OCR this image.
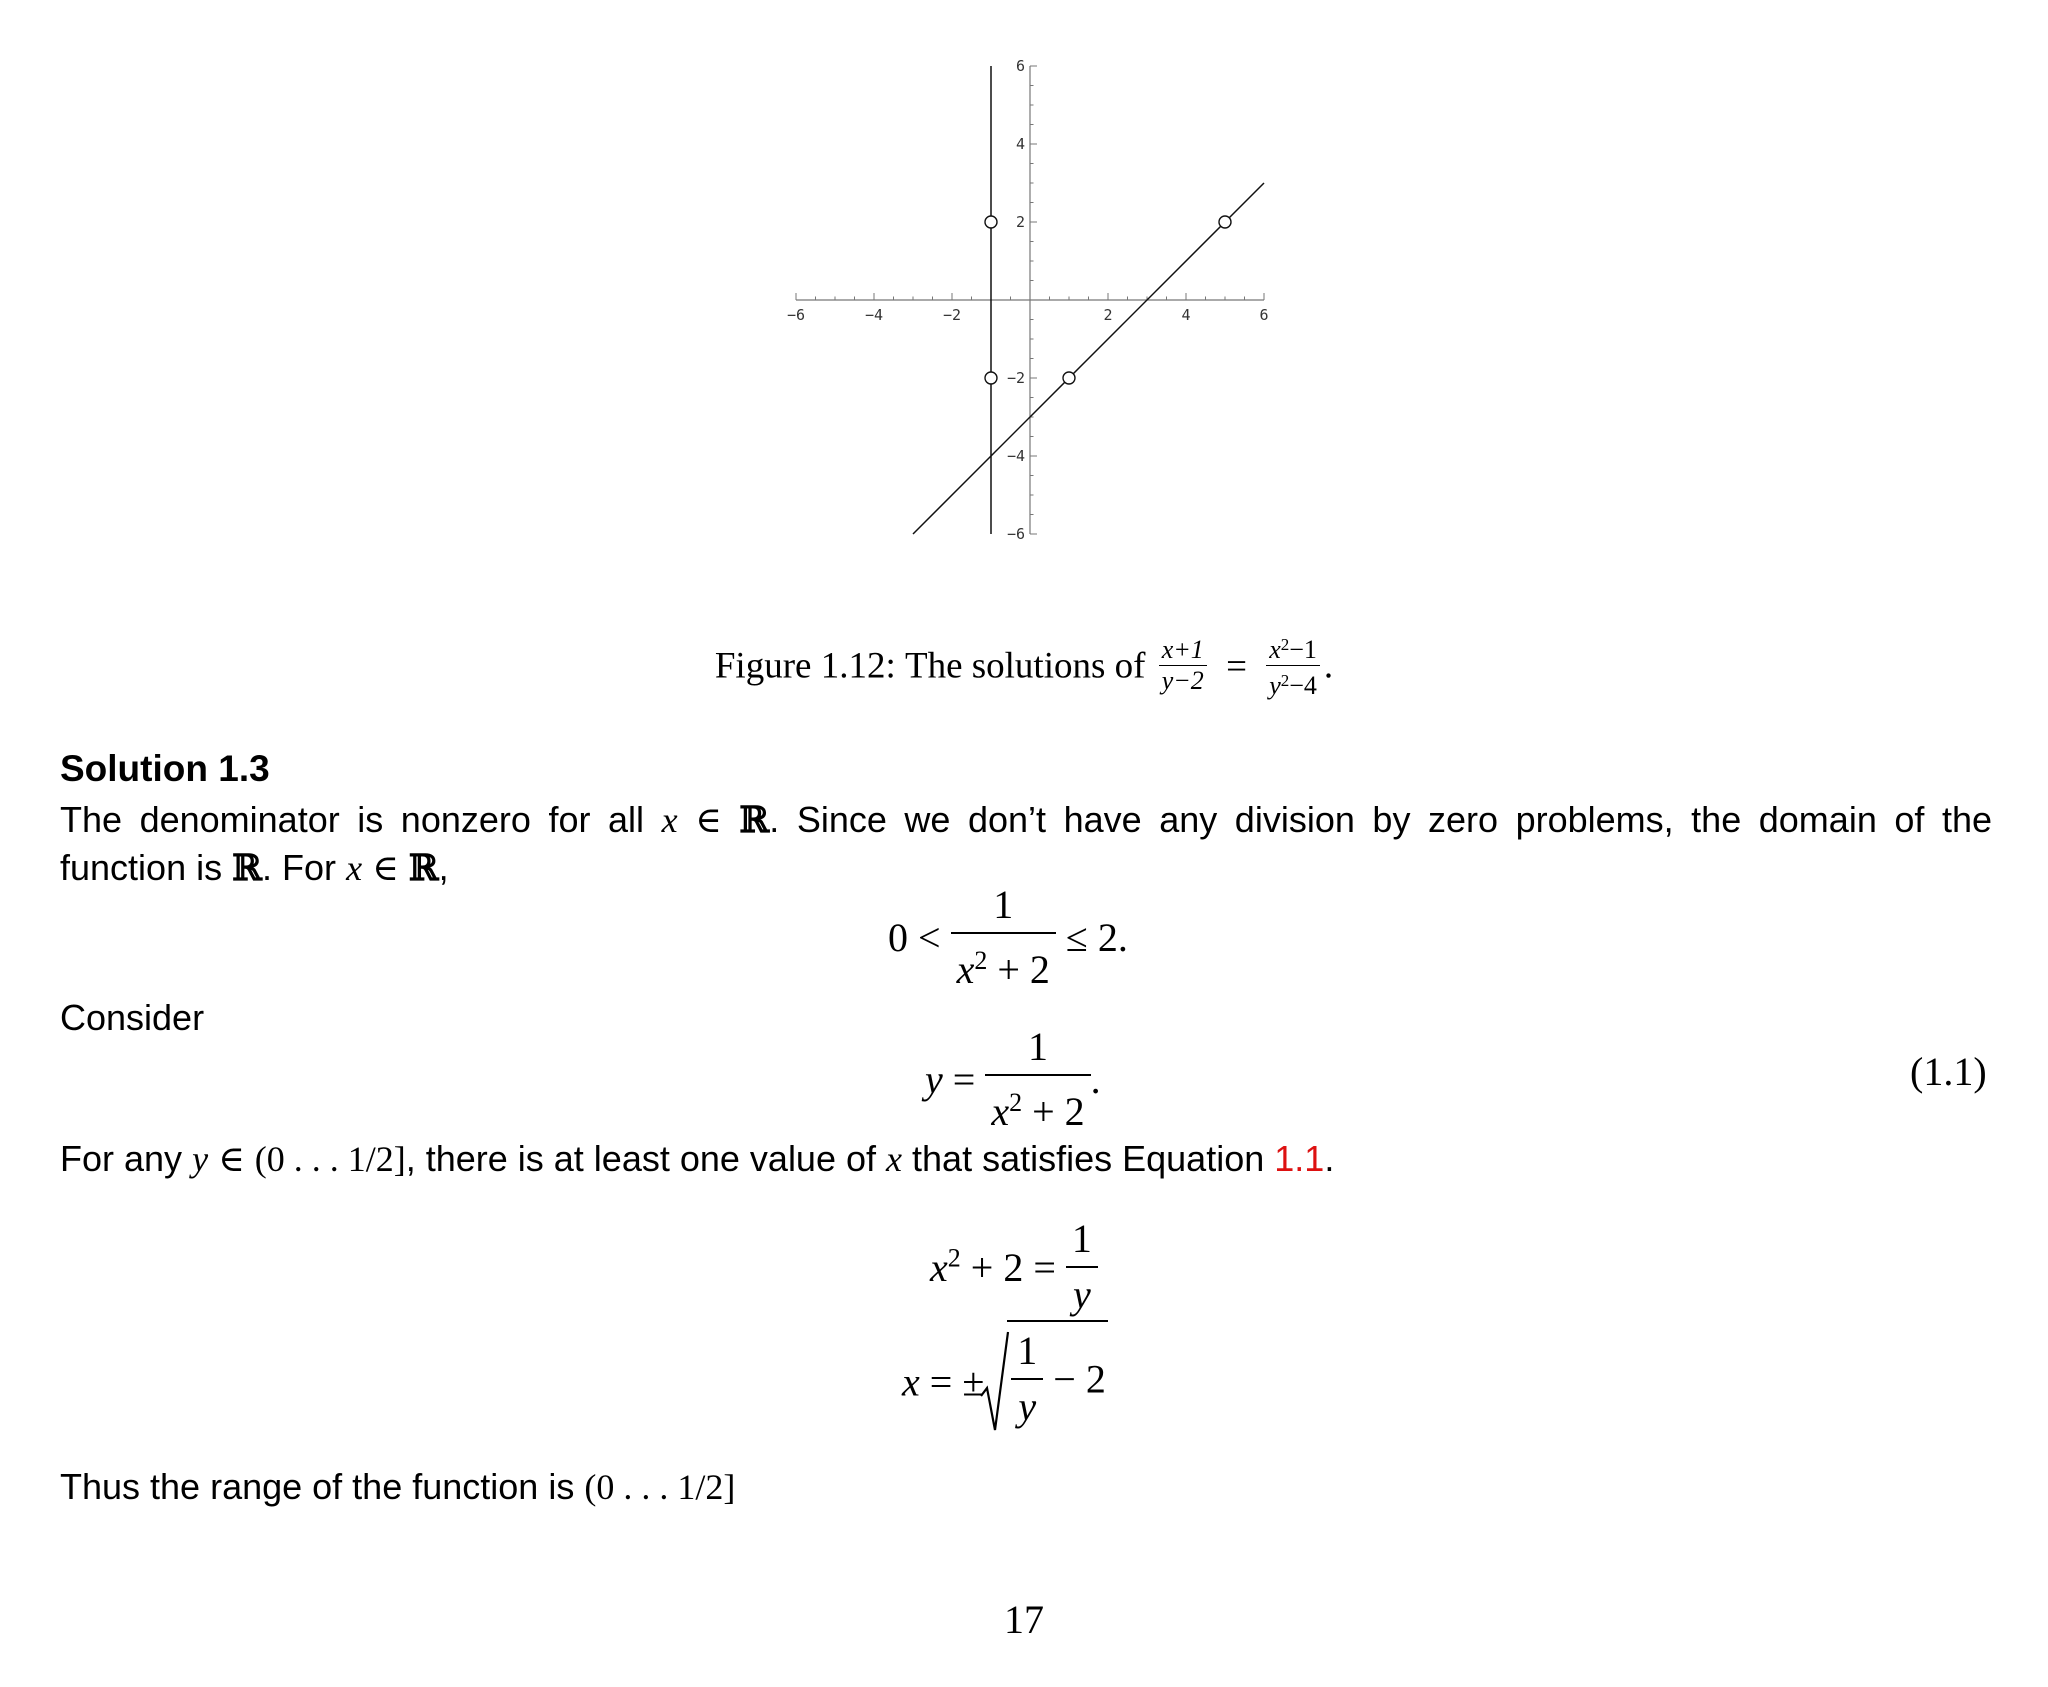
−6	−4	−2	2	4	6
6
4
2
−2
−4
−6
Figure 1.12: The solutions of $\frac{x+1}{y-2} = \frac{x^2-1}{y^2-4}$ .
Solution 1.3
The denominator is nonzero for all x ∈ ℝ. Since we don’t have any division by zero problems, the domain of the
function is ℝ. For x ∈ ℝ,
$0 < \frac{1}{x^2 + 2} \le 2$.
Consider
$y = \frac{1}{x^2 + 2}$ .	(1.1)
For any y ∈ (0 . . . 1/2], there is at least one value of x that satisfies Equation 1.1.
$x^2 + 2 = \frac{1}{y}$
x = ± $\frac{1}{y} - 2$
Thus the range of the function is (0 . . . 1/2]
17
